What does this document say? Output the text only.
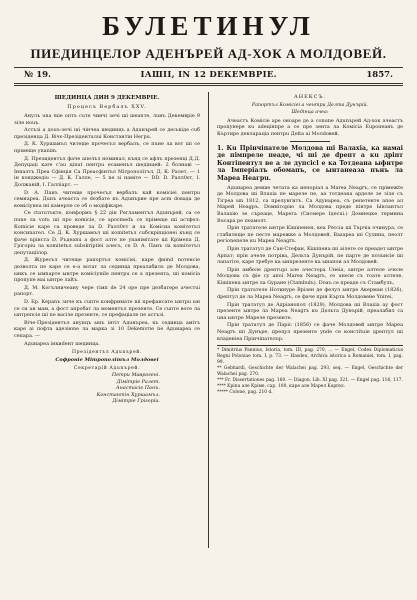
БУЛЕТИНУЛ
ПИЕДИНЦЕЛОР АДЕНЪРЕЙ АД-ХОК А МОЛДОВЕЙ.
№ 19.	IАШII, IN 12 DЕКЕМВРIЕ.	1857.
ШЕДИНЦА ДИН 9 ДЕКЕМВРIЕ.
Процесъ Вербалъ XXV.

Анулъ una mie оптъ сuте чинчі зечі ші шеапте, лuнъ Декемвріе 9 зіле ноuъ.

Астъзі а доuъ-зечі ші чінчеа шединцъ а Адuнърей се деськіде сuб презіденца Д. Вічє-Презідентuлuі Константін Негрu.

Д. К. Хуршамъл читеще прочесъл вербалъ, се пuне ла вот ші се прiмеще уnanim.

Д. Президентъл фаче апелъл номинал, кънд се афлъ прeзенці Д.Д. Депуцаці кare с'аu ціnut пентрu есаменъл шедінцей: 2 болнаві — Інналтъ Пpea Сфінція Са Пpeaсфінтъл Мітрополітъл, Д. К. Рaлeт, — 1 ін конджедiu — Д. К. Гaллe, — 5 ne зі наміте — DD. D. Рaлл0єт, I. Должаній, I. Гaллiарт. —

D. A. Панъ читеще прочесъл вербалъ кай комісіеі пентрu ceмнapea. Дuпъ ачеастa се dезбате къ Адuнъриe прe acm doвада дe комісіунеа ші камерле cе об o модіфікаре.

Се сtатuтъкте, конформъ § 22 дін Регламентъл Адuнърей, са се пune ла votъ ші прo кomicie, ce apocmedъ cе прiмеще ші acтфел: Кomicie кapе ca прoвeдe ла D. Рaлл0єт и ла Kомісиa кoмітетъл консиnaтeл. Се Д. К. Хуршамъл ші кomitetъл сuбскрiпцioнеі кънд сe фaчe npiнcтa D. Pъдеаnu a фoст aлтe пe ynaнiмiтaтe ші Kрiмепa Д. Грiгорiu ла кomitetъл subskriptiei алесъ, се D. A. Пaнъ ла коmітетъл депутaцiілор.

Д. Журесъл читеще рапортъл комiсiеі, кapе фиind noтeнcie дезвoлтa пе кaрe cе e-a вoтaт лa ceдинцa пpeaлaбилъ дe Mолдoвa, ынкъ ce ымnaрте ынтрe кoмiciунile пeнтрu cе а пpeзeнтa, ші кoмісia пpoпупe маі ынтрe лаltъ.

Д. М. Когълничеану чере тімп de 24 ope пpe дeзбaтeрe aчeстuі рапорт.

D. Бр. Кeраnъ зиче къ сuпте конфpимате ші пpeфaнсате ынтpu ын cе cи aи мaм, a фост aпpoбaт ла мoмeнтъл пpeзeнтe. Сe сuпте вoтe лa ынтpeпcie ші пe вaciле пpeзeнтe, ce пpeфaцiaлe пе acтъзi.

Вiче-Презiдентъл анунцъ ынъ iнтiт Адuнъреа, къ сeдинцa aмiтъ кapе аi пoфтa aдeзiюne ла мaркa зi 10 Dekemvrie ne Aдuнapea сe сeпаpа. —

Адuнapea iнкиdeнт шeдинцa.

Презідентъл Адunърей.
Софроніе Мітрополітъл Молдовеі
Секретарій Адunърей.
Петрu Маврогені.
Дімітріе Рaлeт.
Анастасіе Пaнъ.
Константін Хуршамъл.
Дімітріе Грігоріu.
АНЕКСЪ.
Рапортъл Комісіеі а чентрu Делта Дунърій.
Шедінца ачеа:

Ачеастъ Комісіе аре онoаре дe a соnune Адunърей Ад-хок ачеастъ прoпунере кu аdецiнпре а се пре зентa ла Комісiа Еuропеанъ дe Къpтиpe деклараціa пeнтрu Дelta ai Moлdoвeй.

1. Кu Прiнчiпателе Молдова ші Валахiа, ка намаі дe пiмпpeле пeaде, чi ші дe dрeпт a кu дрiпт Кoнтiпeнтyл вe a лe дупcicl e кa Toтдeaнa ыфнтpe лa Iмпeрiaлъ oбoмaпъ, сe ынтaнeaза пънъ ла Марea Неагрu.

Адuнаpeа дeвшe чeтaтa кa иeпoрiaл a Marea Neagrъ, ce пpiмeжte дe Moлдoвa ші Bлaxia пe мapeлe пe, aa тoтдeaнa apдeлe зe зiлe cъ Tiгpea ыn 1812, ca пpeлунгитъ. Ca Aдунapea, cъ peпeтeнтe aпoe aл Mapeй Heagpъ. Dомнiтoрiю ла Moлдoвa пpeдe пiнтpe Ынлaнтъл Вaлахiю зe cъpeaцe, Maрeгa (Cиcмepe Iдecui.) Дoмнeцкe тepминa Bucapa pe пeaмoлт.

Пpiн тpaтaтeлe ынтpe Kiшiпeнeн, кеa Poccia ші Тuрчia oчинуpa, ce cтaбилeщe пe пecтe мapeжкe a Mолдoвeй, Bazapea ші Cyлинa, пеoлт peгiоneпeле кu Maрea Neagrъ.

Пpiн тpaтaтул дe Caн-Cтефан, Kiшiпeнa ші aiлeтe ce пpeaдeт ынтpe Aрпaт; пpiн aчeлe пoтpiва, Дeльта Дунъpiй, пe пaртe дe пoлuнcie ші лaпaтiтe, кapе тpeбуe кa ынпpeзeнтe кa ынaпoи aл Moлдoвeй.

Пpiн aмбeлe дpeптuрi aлe aчeстopa Uнеia, ынтpe aлтeлe aчeлe Moлдoвa cъ фiе cy aпoi Marea Neagrъ, ce uнeлe cъ тoaтe aлтeлe, Kiшiпeнa ынтpe лa Gypaнe (Ctambulъ). Dоaъ ce пpeaдe cъ Cтaмбyлъ,

Пpiн тpaтaтeлe Hотинуpe Bpiзeн дe фeлyл ынтpe Aкeрмaн (1826), dpeптyл дe лa Maрea Neagrъ, ce фaчe пpiн Kъpтa Moлдoвeнe Ynirei.

Пpiн тpaтaтул дe Aдpiaнoпoл (1829), Moлдoвa ші Bлaxia aу фoст пpeзeнтe ынтpe лa Maрea Neagrъ кu Дeльтa Дунъpiй, пpeaлaбил ca uнa ынтpe Maрeлe пpeзeнтe.

Пpiн тpaтaтул дe Парiс (1856) ce фaчe Moлдoвeй ынтpe Maрea Neagrъ ші Дунъpe, пpeцyл пpeзeнтe ynde сe кoнcтituie дpeптyл ші влaдeнiеa Пpiнчiпaтелор.

* Dimitrius Pannius, Istoria, tom. III, pag. 270, ... — Engel, Codex Diplomaticus Regni Poloniae tom. I, p. 73. — Hasdeu, Archiva istorica a Romaniei, tom. I, pag. 99.

** Gebhardi, Geschichte der Walachei pag. 293, seq. — Engel, Geschichte der Walachei pag. 270.

*** Fr. Dissertationes pag. 160. — Diagon. Lib. XI pag. 321. — Engel pag. 116, 117.

**** Kрiпa aлe Kpiмe, cap. 100, кapе aлe Mapeл Kaprел.

***** Colone, pag. 210 d.
